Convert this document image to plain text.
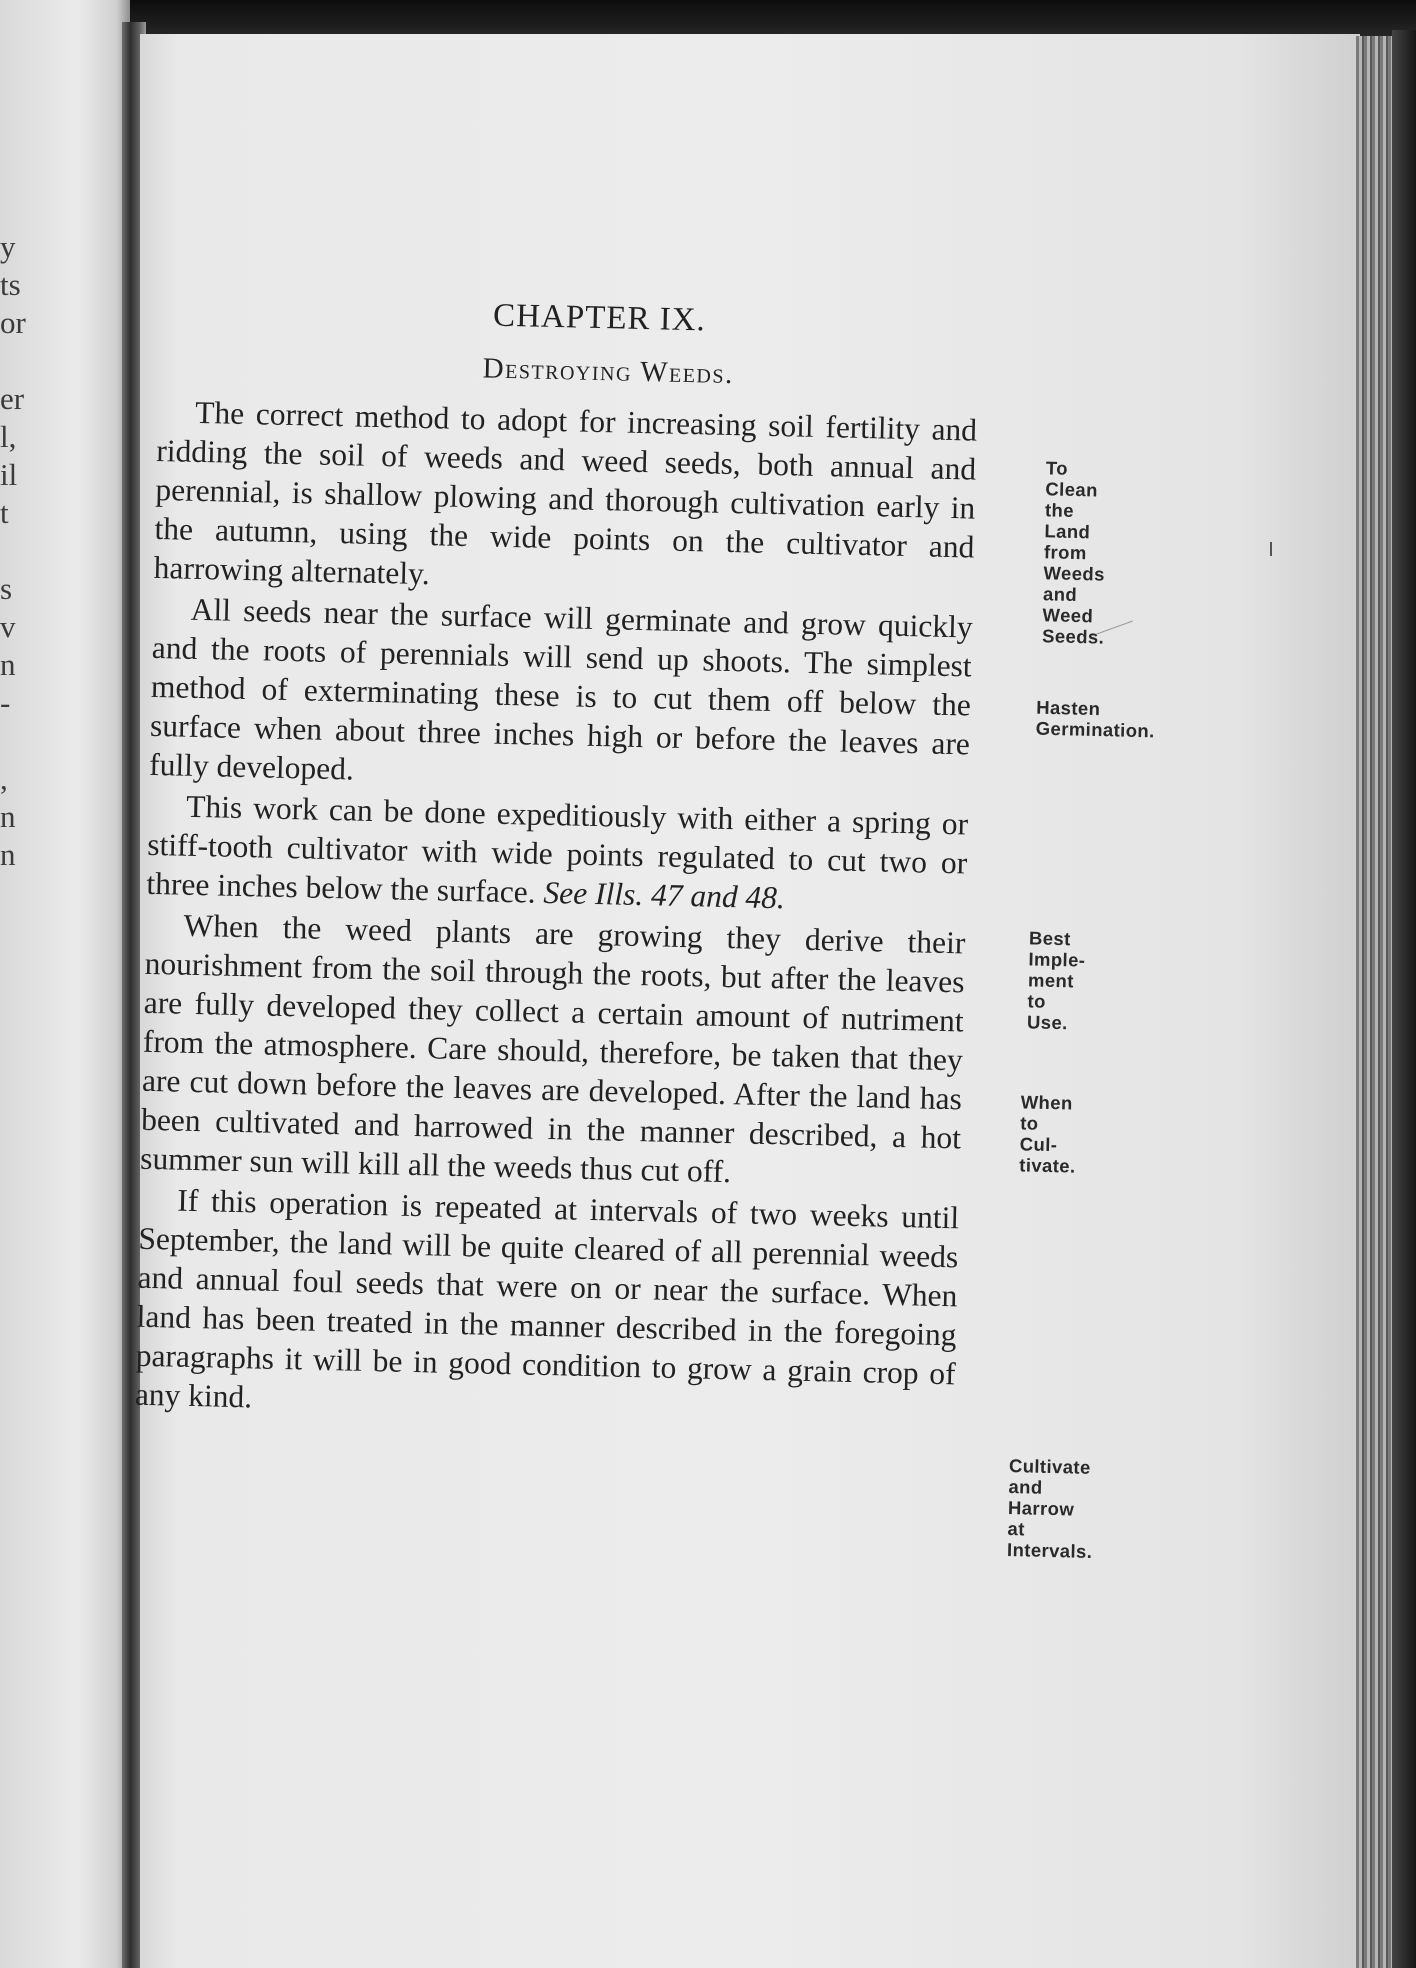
y
ts
or
er
l,
il
t
s
v
n
-
,
n
n
CHAPTER IX.
Destroying Weeds.

The correct method to adopt for increasing soil fertility and ridding the soil of weeds and weed seeds, both annual and perennial, is shallow plowing and thorough cultivation early in the autumn, using the wide points on the cultivator and harrowing alternately.

All seeds near the surface will germinate and grow quickly and the roots of perennials will send up shoots. The simplest method of exterminating these is to cut them off below the surface when about three inches high or before the leaves are fully developed.

This work can be done expeditiously with either a spring or stiff-tooth cultivator with wide points regulated to cut two or three inches below the surface. See Ills. 47 and 48.

When the weed plants are growing they derive their nourishment from the soil through the roots, but after the leaves are fully developed they collect a certain amount of nutriment from the atmosphere. Care should, therefore, be taken that they are cut down before the leaves are developed. After the land has been cultivated and harrowed in the manner described, a hot summer sun will kill all the weeds thus cut off.

If this operation is repeated at intervals of two weeks until September, the land will be quite cleared of all perennial weeds and annual foul seeds that were on or near the surface. When land has been treated in the manner described in the foregoing paragraphs it will be in good condition to grow a grain crop of any kind.

To Clean the
Land from
Weeds and
Weed Seeds.
Hasten
Germination.
Best Imple-
ment to Use.
When to Cul-
tivate.
Cultivate and
Harrow at
Intervals.
